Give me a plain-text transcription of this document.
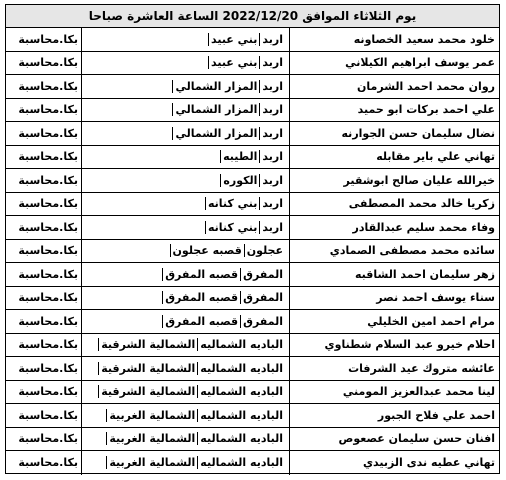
يوم الثلاثاء الموافق 2022/12/20 الساعة العاشرة صباحا
خلود محمد سعيد الخصاونه
اربد
بني عبيد
بكا.محاسبة
عمر يوسف ابراهيم الكيلاني
اربد
بني عبيد
بكا.محاسبة
روان محمد احمد الشرمان
اربد
المزار الشمالي
بكا.محاسبة
علي احمد بركات ابو حميد
اربد
المزار الشمالي
بكا.محاسبة
نضال سليمان حسن الجوارنه
اربد
المزار الشمالي
بكا.محاسبة
تهاني علي باير مقابله
اربد
الطيبه
بكا.محاسبة
خيرالله عليان صالح ابوشقير
اربد
الكوره
بكا.محاسبة
زكريا خالد محمد المصطفى
اربد
بني كنانه
بكا.محاسبة
وفاء محمد سليم عبدالقادر
اربد
بني كنانه
بكا.محاسبة
سائده محمد مصطفى الصمادي
عجلون
قصبه عجلون
بكا.محاسبة
زهر سليمان احمد الشاقبه
المفرق
قصبه المفرق
بكا.محاسبة
سناء يوسف احمد نصر
المفرق
قصبه المفرق
بكا.محاسبة
مرام احمد امين الخليلي
المفرق
قصبه المفرق
بكا.محاسبة
احلام خيرو عبد السلام شطناوي
الباديه الشماليه
الشمالية الشرقية
بكا.محاسبة
عائشه متروك عيد الشرفات
الباديه الشماليه
الشمالية الشرقية
بكا.محاسبة
لينا محمد عبدالعزيز المومني
الباديه الشماليه
الشمالية الشرقية
بكا.محاسبة
احمد علي فلاح الجبور
الباديه الشماليه
الشمالية الغربية
بكا.محاسبة
افنان حسن سليمان عصعوص
الباديه الشماليه
الشمالية الغربية
بكا.محاسبة
تهاني عطيه ندى الزبيدي
الباديه الشماليه
الشمالية الغربية
بكا.محاسبة
